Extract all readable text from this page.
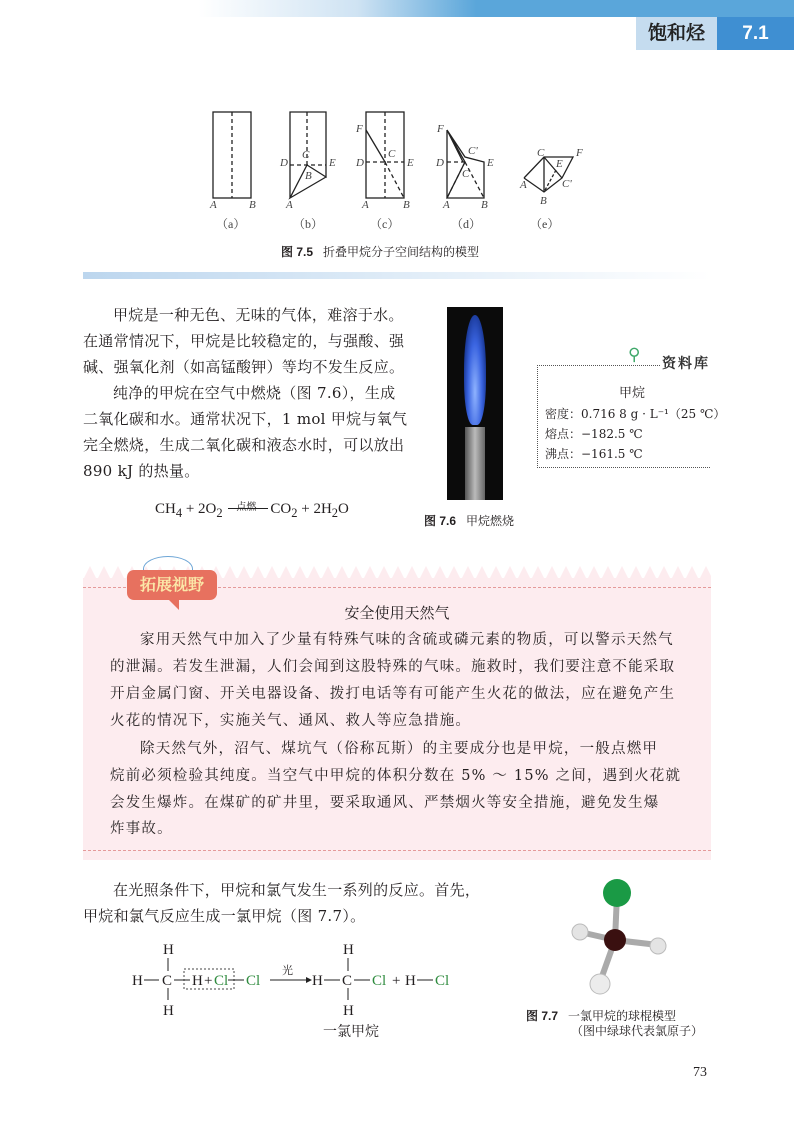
饱和烃	7.1
A	B	A
D	E
C
B
A	B
F
D	E
C
A	B
F
D	E
C'
C
C	F
A
B
E
C'
（a）	（b）	（c）	（d）	（e）
图 7.5 折叠甲烷分子空间结构的模型

甲烷是一种无色、无味的气体，难溶于水。

在通常情况下，甲烷是比较稳定的，与强酸、强

碱、强氧化剂（如高锰酸钾）等均不发生反应。

纯净的甲烷在空气中燃烧（图 7.6），生成

二氧化碳和水。通常状况下，1 mol 甲烷与氧气

完全燃烧，生成二氧化碳和液态水时，可以放出

890 kJ 的热量。

$CH_4 + 2O_2$ 点燃 $CO_2 + 2H_2O$
图 7.6 甲烷燃烧
⚲ 资料库
甲烷
密度：0.716 8 g · L⁻¹（25 ℃）
熔点：−182.5 ℃
沸点：−161.5 ℃
拓展视野
安全使用天然气
家用天然气中加入了少量有特殊气味的含硫或磷元素的物质，可以警示天然气
的泄漏。若发生泄漏，人们会闻到这股特殊的气味。施救时，我们要注意不能采取
开启金属门窗、开关电器设备、拨打电话等有可能产生火花的做法，应在避免产生
火花的情况下，实施关气、通风、救人等应急措施。
除天然气外，沼气、煤坑气（俗称瓦斯）的主要成分也是甲烷，一般点燃甲
烷前必须检验其纯度。当空气中甲烷的体积分数在 5% ～ 15% 之间，遇到火花就
会发生爆炸。在煤矿的矿井里，要采取通风、严禁烟火等安全措施，避免发生爆
炸事故。

在光照条件下，甲烷和氯气发生一系列的反应。首先，

甲烷和氯气反应生成一氯甲烷（图 7.7）。

H
H C
H
H + Cl Cl
光
H C
H
H
Cl + H Cl
一氯甲烷
图 7.7 一氯甲烷的球棍模型
（图中绿球代表氯原子）
73
